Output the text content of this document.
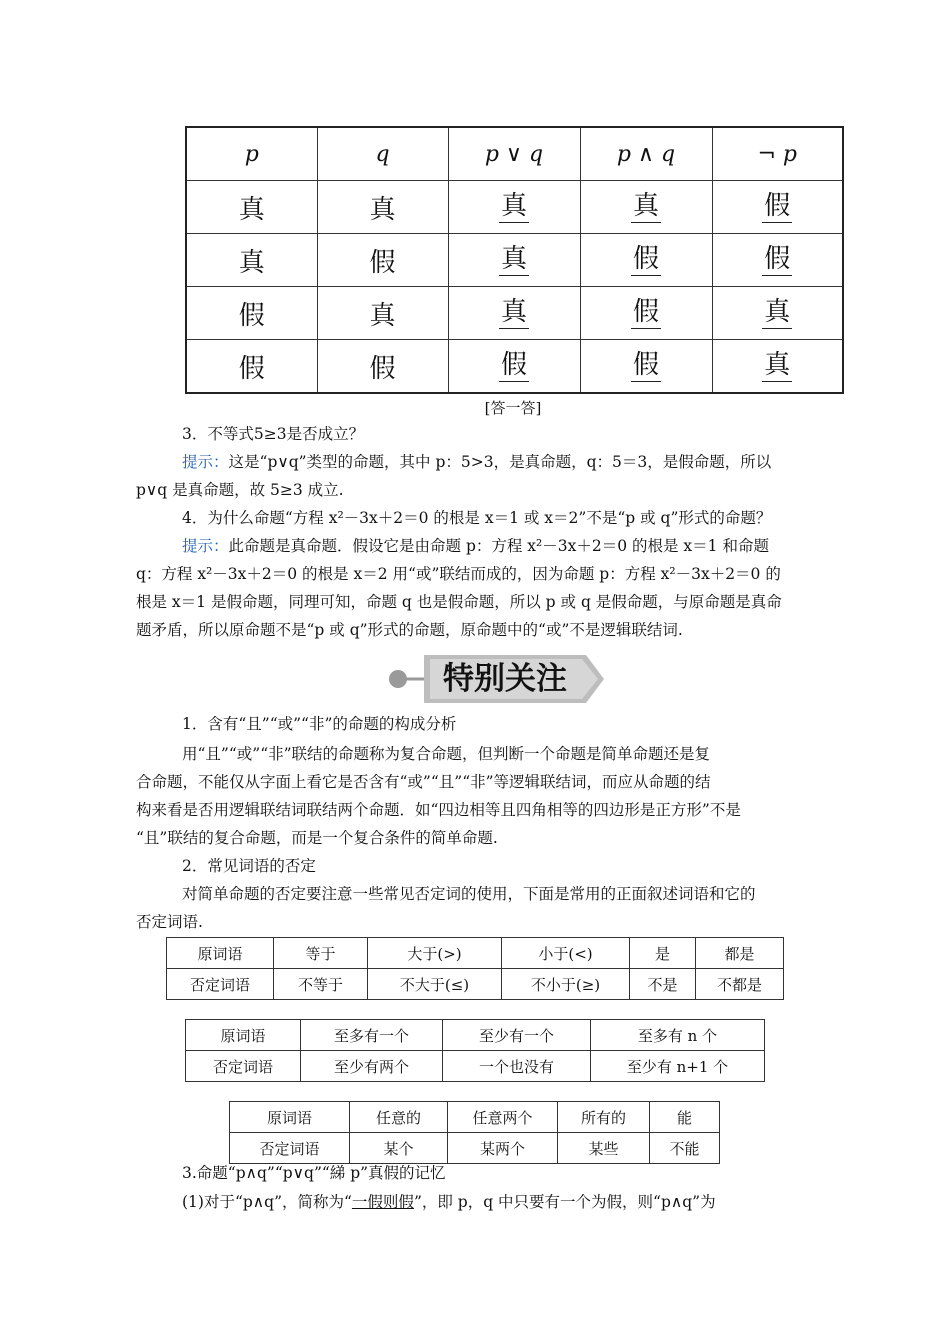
p	q	p ∨ q	p ∧ q	¬ p
真	真	真	真	假
真	假	真	假	假
假	真	真	假	真
假	假	假	假	真
[答一答]
3．不等式5≥3是否成立？
提示：这是“p∨q”类型的命题，其中 p：5>3，是真命题，q：5＝3，是假命题，所以
p∨q 是真命题，故 5≥3 成立.
4．为什么命题“方程 x²－3x＋2＝0 的根是 x＝1 或 x＝2”不是“p 或 q”形式的命题？
提示：此命题是真命题．假设它是由命题 p：方程 x²－3x＋2＝0 的根是 x＝1 和命题
q：方程 x²－3x＋2＝0 的根是 x＝2 用“或”联结而成的，因为命题 p：方程 x²－3x＋2＝0 的
根是 x＝1 是假命题，同理可知，命题 q 也是假命题，所以 p 或 q 是假命题，与原命题是真命
题矛盾，所以原命题不是“p 或 q”形式的命题，原命题中的“或”不是逻辑联结词.
特别关注
1．含有“且”“或”“非”的命题的构成分析
用“且”“或”“非”联结的命题称为复合命题，但判断一个命题是简单命题还是复
合命题，不能仅从字面上看它是否含有“或”“且”“非”等逻辑联结词，而应从命题的结
构来看是否用逻辑联结词联结两个命题．如“四边相等且四角相等的四边形是正方形”不是
“且”联结的复合命题，而是一个复合条件的简单命题.
2．常见词语的否定
对简单命题的否定要注意一些常见否定词的使用，下面是常用的正面叙述词语和它的
否定词语.
原词语	等于	大于(>)	小于(<)	是	都是
否定词语	不等于	不大于(≤)	不小于(≥)	不是	不都是
原词语	至多有一个	至少有一个	至多有 n 个
否定词语	至少有两个	一个也没有	至少有 n+1 个
原词语	任意的	任意两个	所有的	能
否定词语	某个	某两个	某些	不能
3.命题“p∧q”“p∨q”“綈 p”真假的记忆
(1)对于“p∧q”，简称为“一假则假”，即 p，q 中只要有一个为假，则“p∧q”为
